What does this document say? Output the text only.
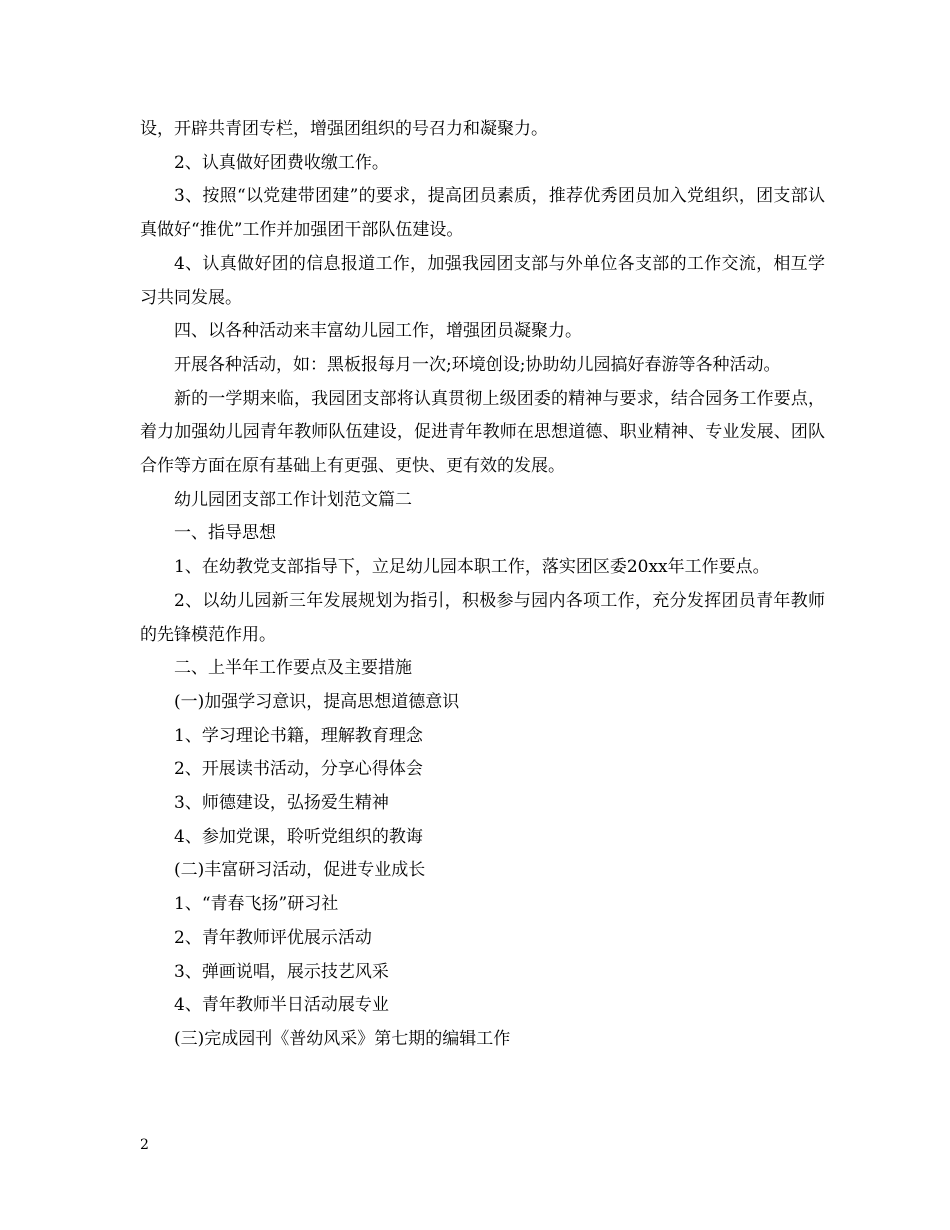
设，开辟共青团专栏，增强团组织的号召力和凝聚力。

2、认真做好团费收缴工作。

3、按照“以党建带团建”的要求，提高团员素质，推荐优秀团员加入党组织，团支部认真做好“推优”工作并加强团干部队伍建设。

4、认真做好团的信息报道工作，加强我园团支部与外单位各支部的工作交流，相互学习共同发展。

四、以各种活动来丰富幼儿园工作，增强团员凝聚力。

开展各种活动，如：黑板报每月一次;环境创设;协助幼儿园搞好春游等各种活动。

新的一学期来临，我园团支部将认真贯彻上级团委的精神与要求，结合园务工作要点，着力加强幼儿园青年教师队伍建设，促进青年教师在思想道德、职业精神、专业发展、团队合作等方面在原有基础上有更强、更快、更有效的发展。

幼儿园团支部工作计划范文篇二

一、指导思想

1、在幼教党支部指导下，立足幼儿园本职工作，落实团区委20xx年工作要点。

2、以幼儿园新三年发展规划为指引，积极参与园内各项工作，充分发挥团员青年教师的先锋模范作用。

二、上半年工作要点及主要措施

(一)加强学习意识，提高思想道德意识

1、学习理论书籍，理解教育理念

2、开展读书活动，分享心得体会

3、师德建设，弘扬爱生精神

4、参加党课，聆听党组织的教诲

(二)丰富研习活动，促进专业成长

1、“青春飞扬”研习社

2、青年教师评优展示活动

3、弹画说唱，展示技艺风采

4、青年教师半日活动展专业

(三)完成园刊《普幼风采》第七期的编辑工作

2
